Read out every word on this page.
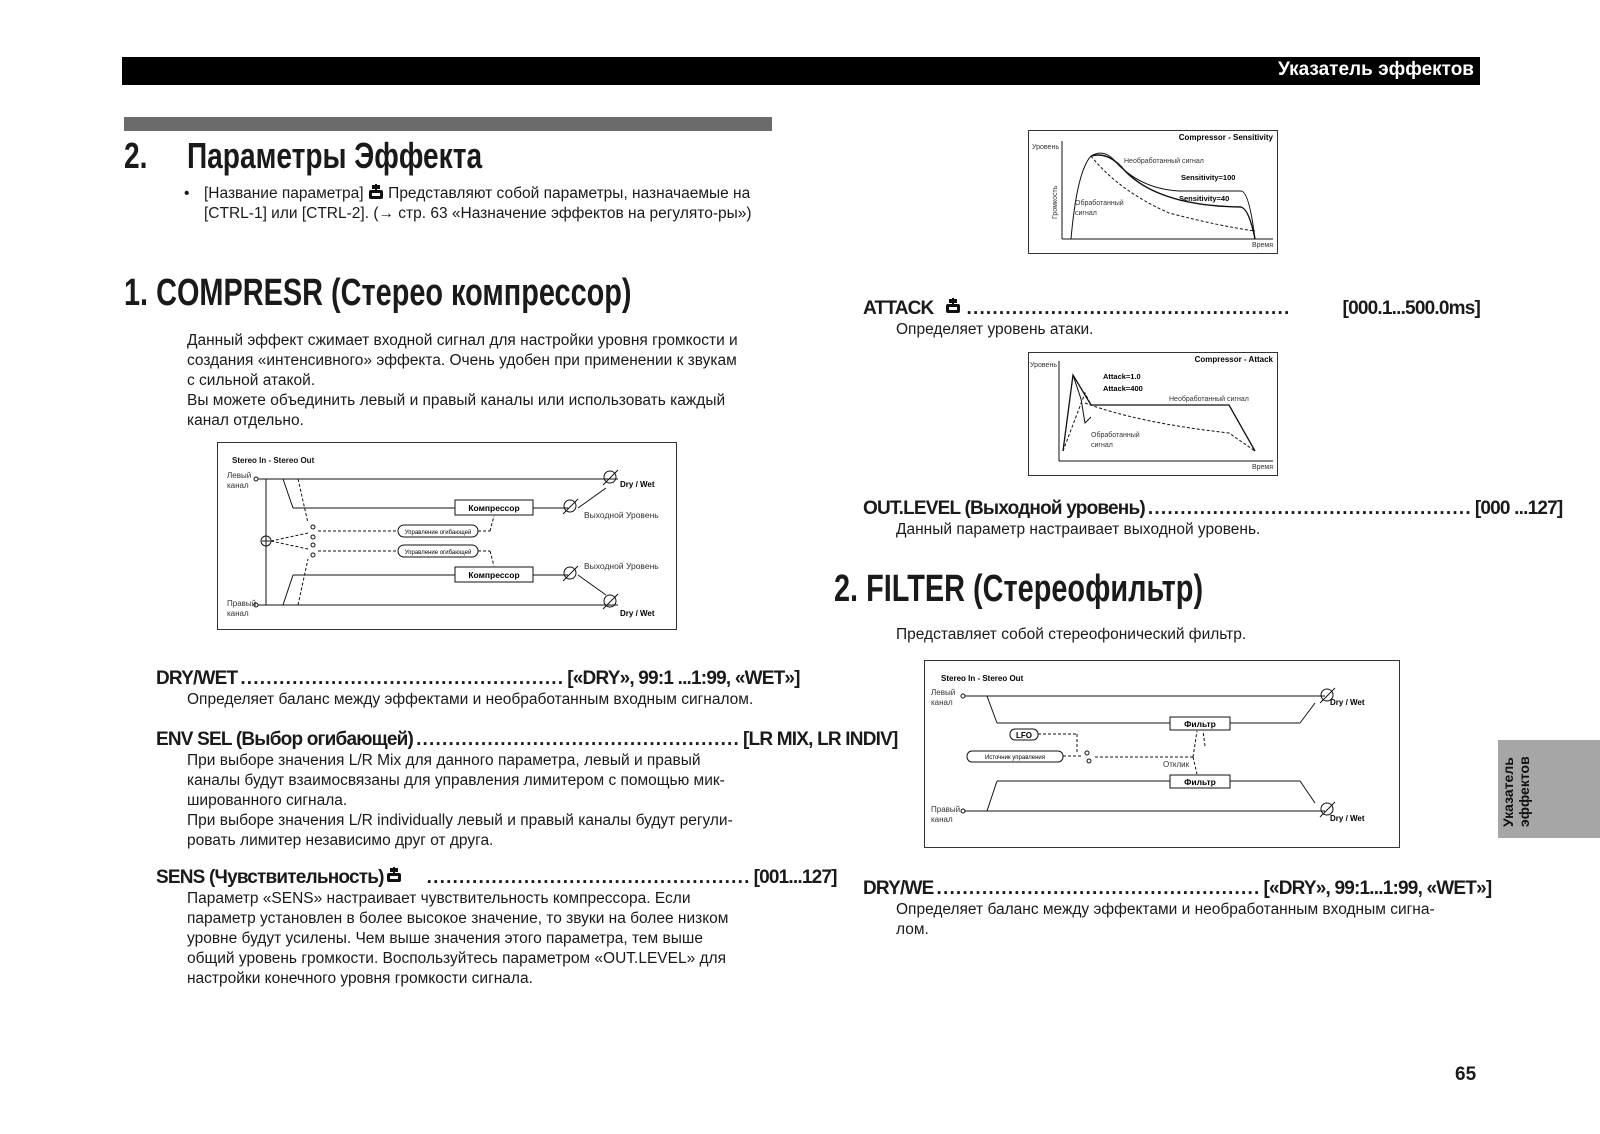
Указатель эффектов
2. Параметры Эффекта
• [Название параметра]  Представляют собой параметры, назначаемые на [CTRL-1] или [CTRL-2]. (→ стр. 63 «Назначение эффектов на регулято-ры»)
1. COMPRESR (Стерео компрессор)
Данный эффект сжимает входной сигнал для настройки уровня громкости и
создания «интенсивного» эффекта. Очень удобен при применении к звукам
с сильной атакой.
Вы можете объединить левый и правый каналы или использовать каждый
канал отдельно.
Stereo In - Stereo Out
Левый
канал
Правый
канал
Компрессор
Компрессор
Управление огибающей
Управление огибающей
Dry / Wet
Dry / Wet
Выходной Уровень
Выходной Уровень
DRY/WET .................................................. [«DRY», 99:1 ...1:99, «WET»]
Определяет баланс между эффектами и необработанным входным сигналом.
ENV SEL (Выбор огибающей) .................................................. [LR MIX, LR INDIV]
При выборе значения L/R Mix для данного параметра, левый и правый
каналы будут взаимосвязаны для управления лимитером с помощью мик-
шированного сигнала.
При выборе значения L/R individually левый и правый каналы будут регули-
ровать лимитер независимо друг от друга.
SENS (Чувствительность) .................................................. [001...127]
Параметр «SENS» настраивает чувствительность компрессора. Если
параметр установлен в более высокое значение, то звуки на более низком
уровне будут усилены. Чем выше значения этого параметра, тем выше
общий уровень громкости. Воспользуйтесь параметром «OUT.LEVEL» для
настройки конечного уровня громкости сигнала.
Compressor - Sensitivity
Уровень
Громкость
Время
Необработанный сигнал
Sensitivity=100
Sensitivity=40
Обработанный
сигнал
ATTACK ..................................................	[000.1...500.0ms]
Определяет уровень атаки.
Compressor - Attack
Уровень
Время
Attack=1.0
Attack=400
Необработанный сигнал
Обработанный
сигнал
OUT.LEVEL (Выходной уровень) .................................................. [000 ...127]
Данный параметр настраивает выходной уровень.
2. FILTER (Стереофильтр)
Представляет собой стереофонический фильтр.
Stereo In - Stereo Out
Левый
канал
Правый
канал
Фильтр
Фильтр
LFO
Источник управления
Отклик
Dry / Wet
Dry / Wet
DRY/WE .................................................. [«DRY», 99:1...1:99, «WET»]
Определяет баланс между эффектами и необработанным входным сигна-
лом.
Указатель эффектов
65
